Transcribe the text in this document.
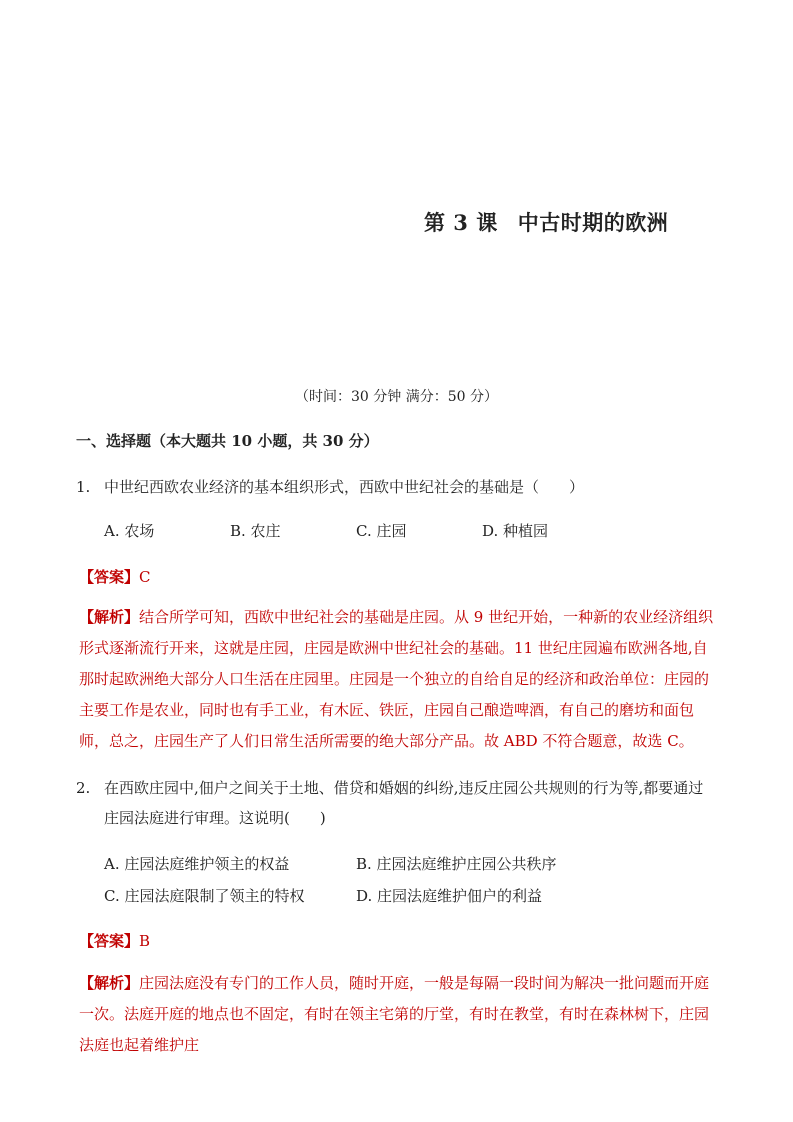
第 3 课 中古时期的欧洲
（时间：30 分钟 满分：50 分）
一、选择题（本大题共 10 小题，共 30 分）
1. 中世纪西欧农业经济的基本组织形式，西欧中世纪社会的基础是（　　）
A. 农场	B. 农庄	C. 庄园	D. 种植园
【答案】C
【解析】结合所学可知，西欧中世纪社会的基础是庄园。从 9 世纪开始，一种新的农业经济组织形式逐渐流行开来，这就是庄园，庄园是欧洲中世纪社会的基础。11 世纪庄园遍布欧洲各地,自那时起欧洲绝大部分人口生活在庄园里。庄园是一个独立的自给自足的经济和政治单位：庄园的主要工作是农业，同时也有手工业，有木匠、铁匠，庄园自己酿造啤酒，有自己的磨坊和面包师，总之，庄园生产了人们日常生活所需要的绝大部分产品。故 ABD 不符合题意，故选 C。
2. 在西欧庄园中,佃户之间关于土地、借贷和婚姻的纠纷,违反庄园公共规则的行为等,都要通过庄园法庭进行审理。这说明(　　)
A. 庄园法庭维护领主的权益	B. 庄园法庭维护庄园公共秩序
C. 庄园法庭限制了领主的特权	D. 庄园法庭维护佃户的利益
【答案】B
【解析】庄园法庭没有专门的工作人员，随时开庭，一般是每隔一段时间为解决一批问题而开庭一次。法庭开庭的地点也不固定，有时在领主宅第的厅堂，有时在教堂，有时在森林树下，庄园法庭也起着维护庄
